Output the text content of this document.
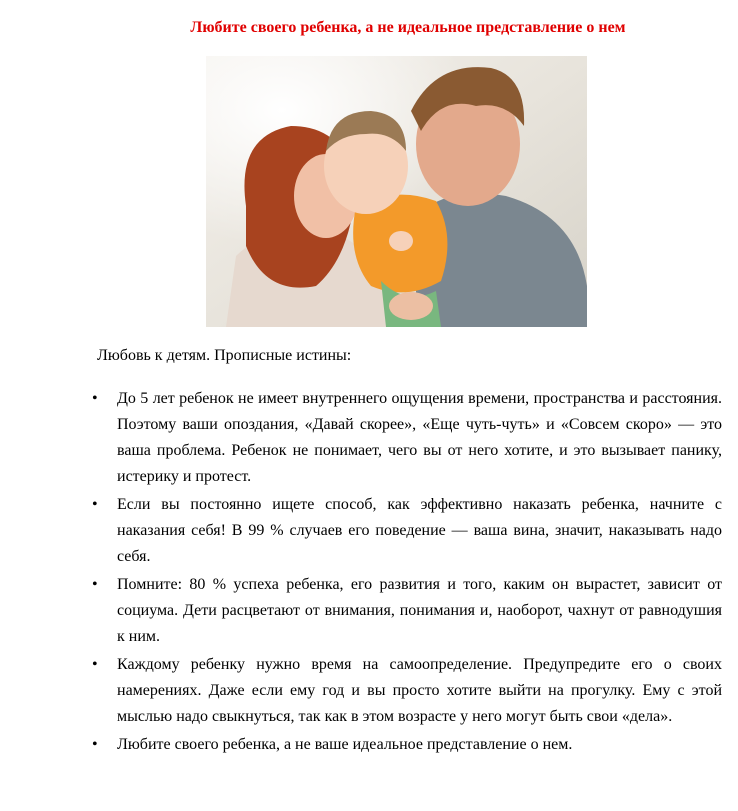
Любите своего ребенка, а не идеальное представление о нем
Любовь к детям. Прописные истины:
• До 5 лет ребенок не имеет внутреннего ощущения времени, пространства и расстояния. Поэтому ваши опоздания, «Давай скорее», «Еще чуть-чуть» и «Совсем скоро» — это ваша проблема. Ребенок не понимает, чего вы от него хотите, и это вызывает панику, истерику и протест.
• Если вы постоянно ищете способ, как эффективно наказать ребенка, начните с наказания себя! В 99 % случаев его поведение — ваша вина, значит, наказывать надо себя.
• Помните: 80 % успеха ребенка, его развития и того, каким он вырастет, зависит от социума. Дети расцветают от внимания, понимания и, наоборот, чахнут от равнодушия к ним.
• Каждому ребенку нужно время на самоопределение. Предупредите его о своих намерениях. Даже если ему год и вы просто хотите выйти на прогулку. Ему с этой мыслью надо свыкнуться, так как в этом возрасте у него могут быть свои «дела».
• Любите своего ребенка, а не ваше идеальное представление о нем.
